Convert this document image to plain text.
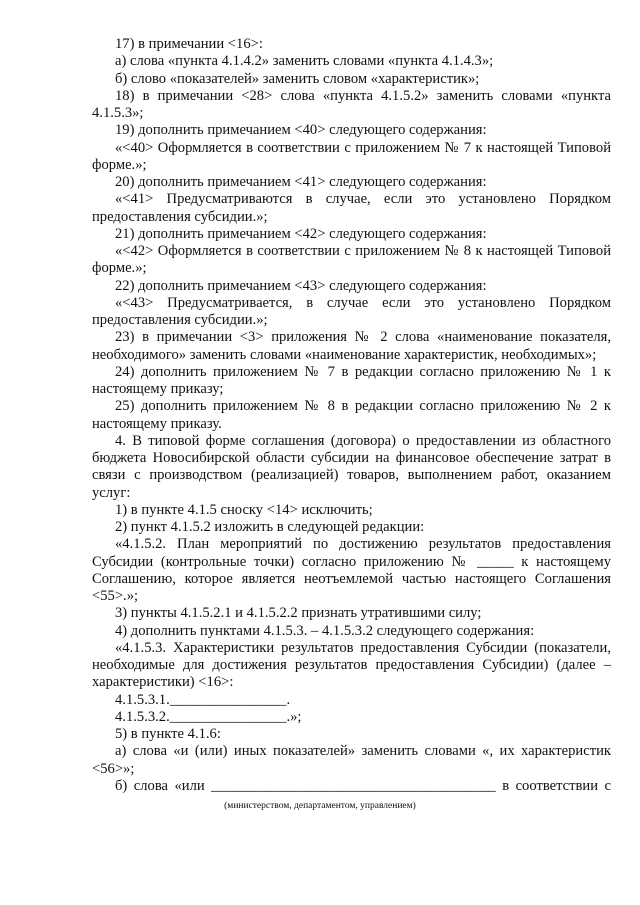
17) в примечании <16>:

а) слова «пункта 4.1.4.2» заменить словами «пункта 4.1.4.3»;

б) слово «показателей» заменить словом «характеристик»;

18) в примечании <28> слова «пункта 4.1.5.2» заменить словами «пункта 4.1.5.3»;

19) дополнить примечанием <40> следующего содержания:

«<40> Оформляется в соответствии с приложением № 7 к настоящей Типовой форме.»;

20) дополнить примечанием <41> следующего содержания:

«<41> Предусматриваются в случае, если это установлено Порядком предоставления субсидии.»;

21) дополнить примечанием <42> следующего содержания:

«<42> Оформляется в соответствии с приложением № 8 к настоящей Типовой форме.»;

22) дополнить примечанием <43> следующего содержания:

«<43> Предусматривается, в случае если это установлено Порядком предоставления субсидии.»;

23) в примечании <3> приложения № 2 слова «наименование показателя, необходимого» заменить словами «наименование характеристик, необходимых»;

24) дополнить приложением № 7 в редакции согласно приложению № 1 к настоящему приказу;

25) дополнить приложением № 8 в редакции согласно приложению № 2 к настоящему приказу.

4. В типовой форме соглашения (договора) о предоставлении из областного бюджета Новосибирской области субсидии на финансовое обеспечение затрат в связи с производством (реализацией) товаров, выполнением работ, оказанием услуг:

1) в пункте 4.1.5 сноску <14> исключить;

2) пункт 4.1.5.2 изложить в следующей редакции:

«4.1.5.2. План мероприятий по достижению результатов предоставления Субсидии (контрольные точки) согласно приложению № _____ к настоящему Соглашению, которое является неотъемлемой частью настоящего Соглашения <55>.»;

3) пункты 4.1.5.2.1 и 4.1.5.2.2 признать утратившими силу;

4) дополнить пунктами 4.1.5.3. – 4.1.5.3.2 следующего содержания:

«4.1.5.3. Характеристики результатов предоставления Субсидии (показатели, необходимые для достижения результатов предоставления Субсидии) (далее – характеристики) <16>:

4.1.5.3.1.________________.

4.1.5.3.2.________________.»;

5) в пункте 4.1.6:

а) слова «и (или) иных показателей» заменить словами «, их характеристик <56>»;

б) слова «или _______________________________________ в соответствии с

(министерством, департаментом, управлением)
